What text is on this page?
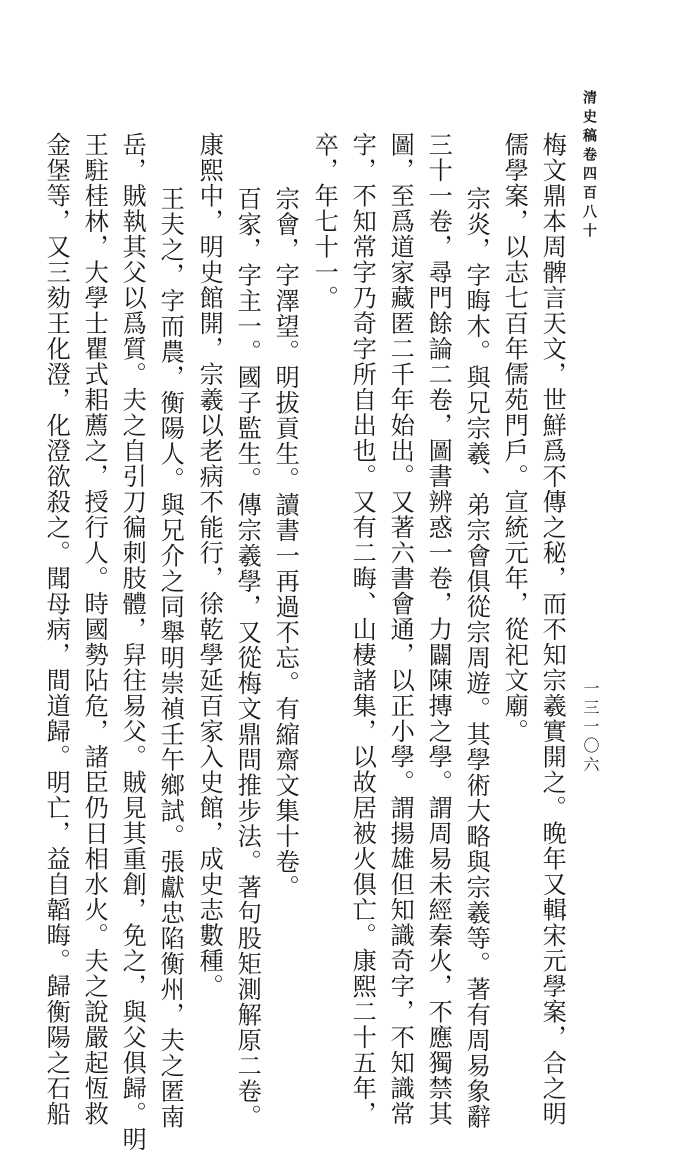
清史稿卷四百八十
一三一〇六
梅文鼎本周髀言天文，世鮮爲不傳之秘，而不知宗羲實開之。晚年又輯宋元學案，合之明
儒學案，以志七百年儒苑門戶。宣統元年，從祀文廟。
宗炎，字晦木。與兄宗羲、弟宗會俱從宗周遊。其學術大略與宗羲等。著有周易象辭
三十一卷，尋門餘論二卷，圖書辨惑一卷，力闢陳摶之學。謂周易未經秦火，不應獨禁其
圖，至爲道家藏匿二千年始出。又著六書會通，以正小學。謂揚雄但知識奇字，不知識常
字，不知常字乃奇字所自出也。又有二晦、山棲諸集，以故居被火俱亡。康熙二十五年，
卒，年七十一。
宗會，字澤望。明拔貢生。讀書一再過不忘。有縮齋文集十卷。
百家，字主一。國子監生。傳宗羲學，又從梅文鼎問推步法。著句股矩測解原二卷。
康熙中，明史館開，宗羲以老病不能行，徐乾學延百家入史館，成史志數種。
王夫之，字而農，衡陽人。與兄介之同舉明崇禎壬午鄉試。張獻忠陷衡州，夫之匿南
岳，賊執其父以爲質。夫之自引刀徧刺肢體，舁往易父。賊見其重創，免之，與父俱歸。明
王駐桂林，大學士瞿式耜薦之，授行人。時國勢阽危，諸臣仍日相水火。夫之說嚴起恆救
金堡等，又三劾王化澄，化澄欲殺之。聞母病，間道歸。明亡，益自韜晦。歸衡陽之石船
